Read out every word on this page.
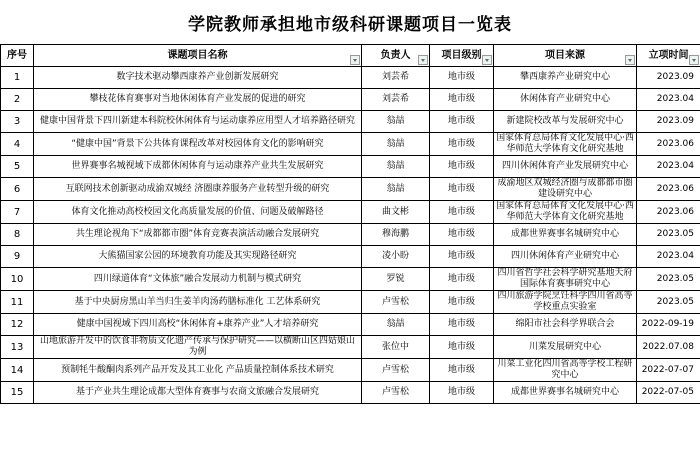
学院教师承担地市级科研课题项目一览表
序号	课题项目名称	负责人	项目级别	项目来源	立项时间

1	数字技术驱动攀西康养产业创新发展研究	刘芸希	地市级	攀西康养产业研究中心	2023.09
2	攀枝花体育赛事对当地休闲体育产业发展的促进的研究	刘芸希	地市级	休闲体育产业研究中心	2023.04
3	健康中国背景下四川新建本科院校休闲体育与运动康养应用型人才培养路径研究	翁喆	地市级	新建院校改革与发展研究中心	2023.09
4	“健康中国”背景下公共体育课程改革对校园体育文化的影响研究	翁喆	地市级	国家体育总局体育文化发展中心·西华师范大学体育文化研究基地	2023.06
5	世界赛事名城视域下成都休闲体育与运动康养产业共生发展研究	翁喆	地市级	四川休闲体育产业发展研究中心	2023.04
6	互联网技术创新驱动成渝双城经 济圈康养服务产业转型升级的研究	翁喆	地市级	成渝地区双城经济圈与成都都市圈建设研究中心	2023.06
7	体育文化推动高校校园文化高质量发展的价值、问题及破解路径	曲文彬	地市级	国家体育总局体育文化发展中心·西华师范大学体育文化研究基地	2023.06
8	共生理论视角下“成都都市圈”体育竞赛表演活动融合发展研究	穆海鹏	地市级	成都世界赛事名城研究中心	2023.05
9	大熊猫国家公园的环境教育功能及其实现路径研究	凌小盼	地市级	四川休闲体育产业研究中心	2023.04
10	四川绿道体育“文体旅”融合发展动力机制与模式研究	罗锐	地市级	四川省哲学社会科学研究基地天府国际体育赛事研究中心	2023.05
11	基于中央厨房黑山羊当归生姜羊肉汤药膳标准化 工艺体系研究	卢雪松	地市级	四川旅游学院烹饪科学四川省高等学校重点实验室	2023.05
12	健康中国视域下四川高校“休闲体育+康养产业”人才培养研究	翁喆	地市级	绵阳市社会科学界联合会	2022-09-19
13	山地旅游开发中的饮食非物质文化遗产传承与保护研究——以横断山区四姑娘山为例	张位中	地市级	川菜发展研究中心	2022.07.08
14	预制牦牛酸酮肉系列产品开发及其工业化 产品质量控制体系技术研究	卢雪松	地市级	川菜工业化四川省高等学校工程研究中心	2022-07-07
15	基于产业共生理论成都大型体育赛事与农商文旅融合发展研究	卢雪松	地市级	成都世界赛事名城研究中心	2022-07-05
